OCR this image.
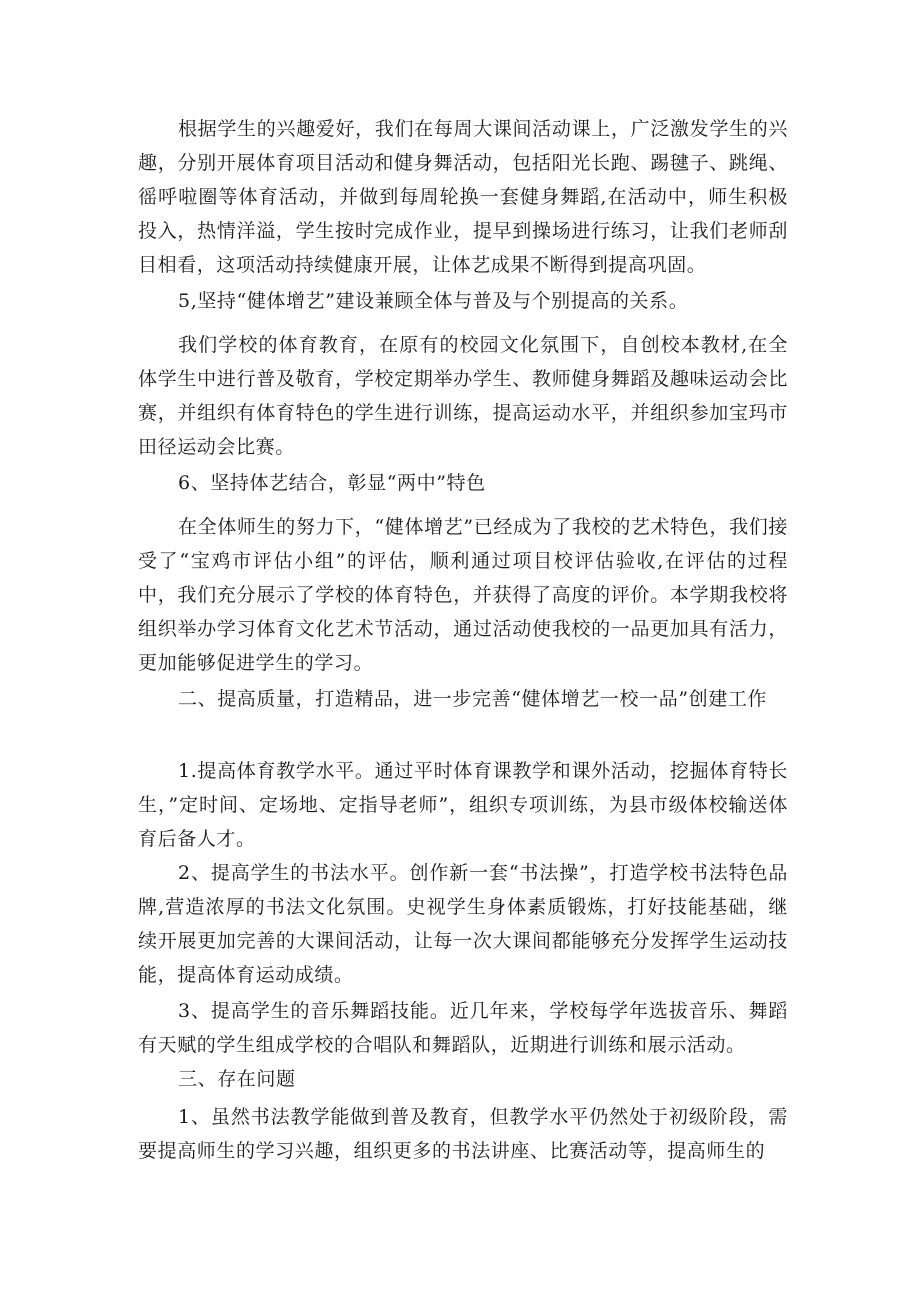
根据学生的兴趣爱好，我们在每周大课间活动课上，广泛激发学生的兴趣，分别开展体育项目活动和健身舞活动，包括阳光长跑、踢毽子、跳绳、徭呼啦圈等体育活动，并做到每周轮换一套健身舞蹈,在活动中，师生积极投入，热情洋溢，学生按时完成作业，提早到操场进行练习，让我们老师刮目相看，这项活动持续健康开展，让体艺成果不断得到提高巩固。

5,坚持“健体增艺”建设兼顾全体与普及与个别提高的关系。

我们学校的体育教育，在原有的校园文化氛围下，自创校本教材,在全体学生中进行普及敬育，学校定期举办学生、教师健身舞蹈及趣味运动会比赛，并组织有体育特色的学生进行训练，提高运动水平，并组织参加宝玛市田径运动会比赛。

6、坚持体艺结合，彰显“两中”特色

在全体师生的努力下，“健体增艺”已经成为了我校的艺术特色，我们接受了“宝鸡市评估小组”的评估，顺利通过项目校评估验收,在评估的过程中，我们充分展示了学校的体育特色，并获得了高度的评价。本学期我校将组织举办学习体育文化艺术节活动，通过活动使我校的一品更加具有活力，更加能够促进学生的学习。

二、提高质量，打造精品，进一步完善“健体增艺一校一品”创建工作

1.提高体育教学水平。通过平时体育课教学和课外活动，挖掘体育特长生，”定时间、定场地、定指导老师”，组织专项训练，为县市级体校输送体育后备人才。

2、提高学生的书法水平。创作新一套“书法操”，打造学校书法特色品牌,营造浓厚的书法文化氛围。史视学生身体素质锻炼，打好技能基础，继续开展更加完善的大课间活动，让每一次大课间都能够充分发挥学生运动技能，提高体育运动成绩。

3、提高学生的音乐舞蹈技能。近几年来，学校每学年选拔音乐、舞蹈有天赋的学生组成学校的合唱队和舞蹈队，近期进行训练和展示活动。

三、存在问题

1、虽然书法教学能做到普及教育，但教学水平仍然处于初级阶段，需要提高师生的学习兴趣，组织更多的书法讲座、比赛活动等，提高师生的
